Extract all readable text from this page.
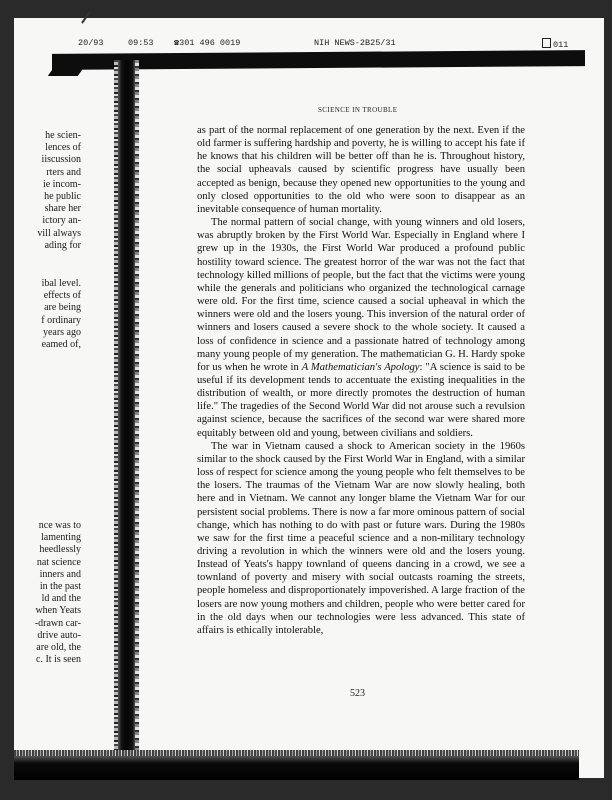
20/93	09:53 ☎301 496 0019	NIH NEWS-2B25/31	011
he scien-
lences of
iiscussion
rters and
ie incom-
he public
share her
ictory an-
vill always
ading for
ibal level.
effects of
are being
f ordinary
years ago
eamed of,
nce was to
lamenting
heedlessly
nat science
inners and
in the past
ld and the
when Yeats
-drawn car-
drive auto-
are old, the
c. It is seen
SCIENCE IN TROUBLE

as part of the normal replacement of one generation by the next. Even if the old farmer is suffering hardship and poverty, he is willing to accept his fate if he knows that his children will be better off than he is. Throughout history, the social upheavals caused by scientific progress have usually been accepted as benign, because they opened new opportunities to the young and only closed opportunities to the old who were soon to disappear as an inevitable consequence of human mortality.

The normal pattern of social change, with young winners and old losers, was abruptly broken by the First World War. Especially in England where I grew up in the 1930s, the First World War produced a profound public hostility toward science. The greatest horror of the war was not the fact that technology killed millions of people, but the fact that the victims were young while the generals and politicians who organized the technological carnage were old. For the first time, science caused a social upheaval in which the winners were old and the losers young. This inversion of the natural order of winners and losers caused a severe shock to the whole society. It caused a loss of confidence in science and a passionate hatred of technology among many young people of my generation. The mathematician G. H. Hardy spoke for us when he wrote in A Mathematician's Apology: "A science is said to be useful if its development tends to accentuate the existing inequalities in the distribution of wealth, or more directly promotes the destruction of human life." The tragedies of the Second World War did not arouse such a revulsion against science, because the sacrifices of the second war were shared more equitably between old and young, between civilians and soldiers.

The war in Vietnam caused a shock to American society in the 1960s similar to the shock caused by the First World War in England, with a similar loss of respect for science among the young people who felt themselves to be the losers. The traumas of the Vietnam War are now slowly healing, both here and in Vietnam. We cannot any longer blame the Vietnam War for our persistent social problems. There is now a far more ominous pattern of social change, which has nothing to do with past or future wars. During the 1980s we saw for the first time a peaceful science and a non-military technology driving a revolution in which the winners were old and the losers young. Instead of Yeats's happy townland of queens dancing in a crowd, we see a townland of poverty and misery with social outcasts roaming the streets, people homeless and disproportionately impoverished. A large fraction of the losers are now young mothers and children, people who were better cared for in the old days when our technologies were less advanced. This state of affairs is ethically intolerable,

523
